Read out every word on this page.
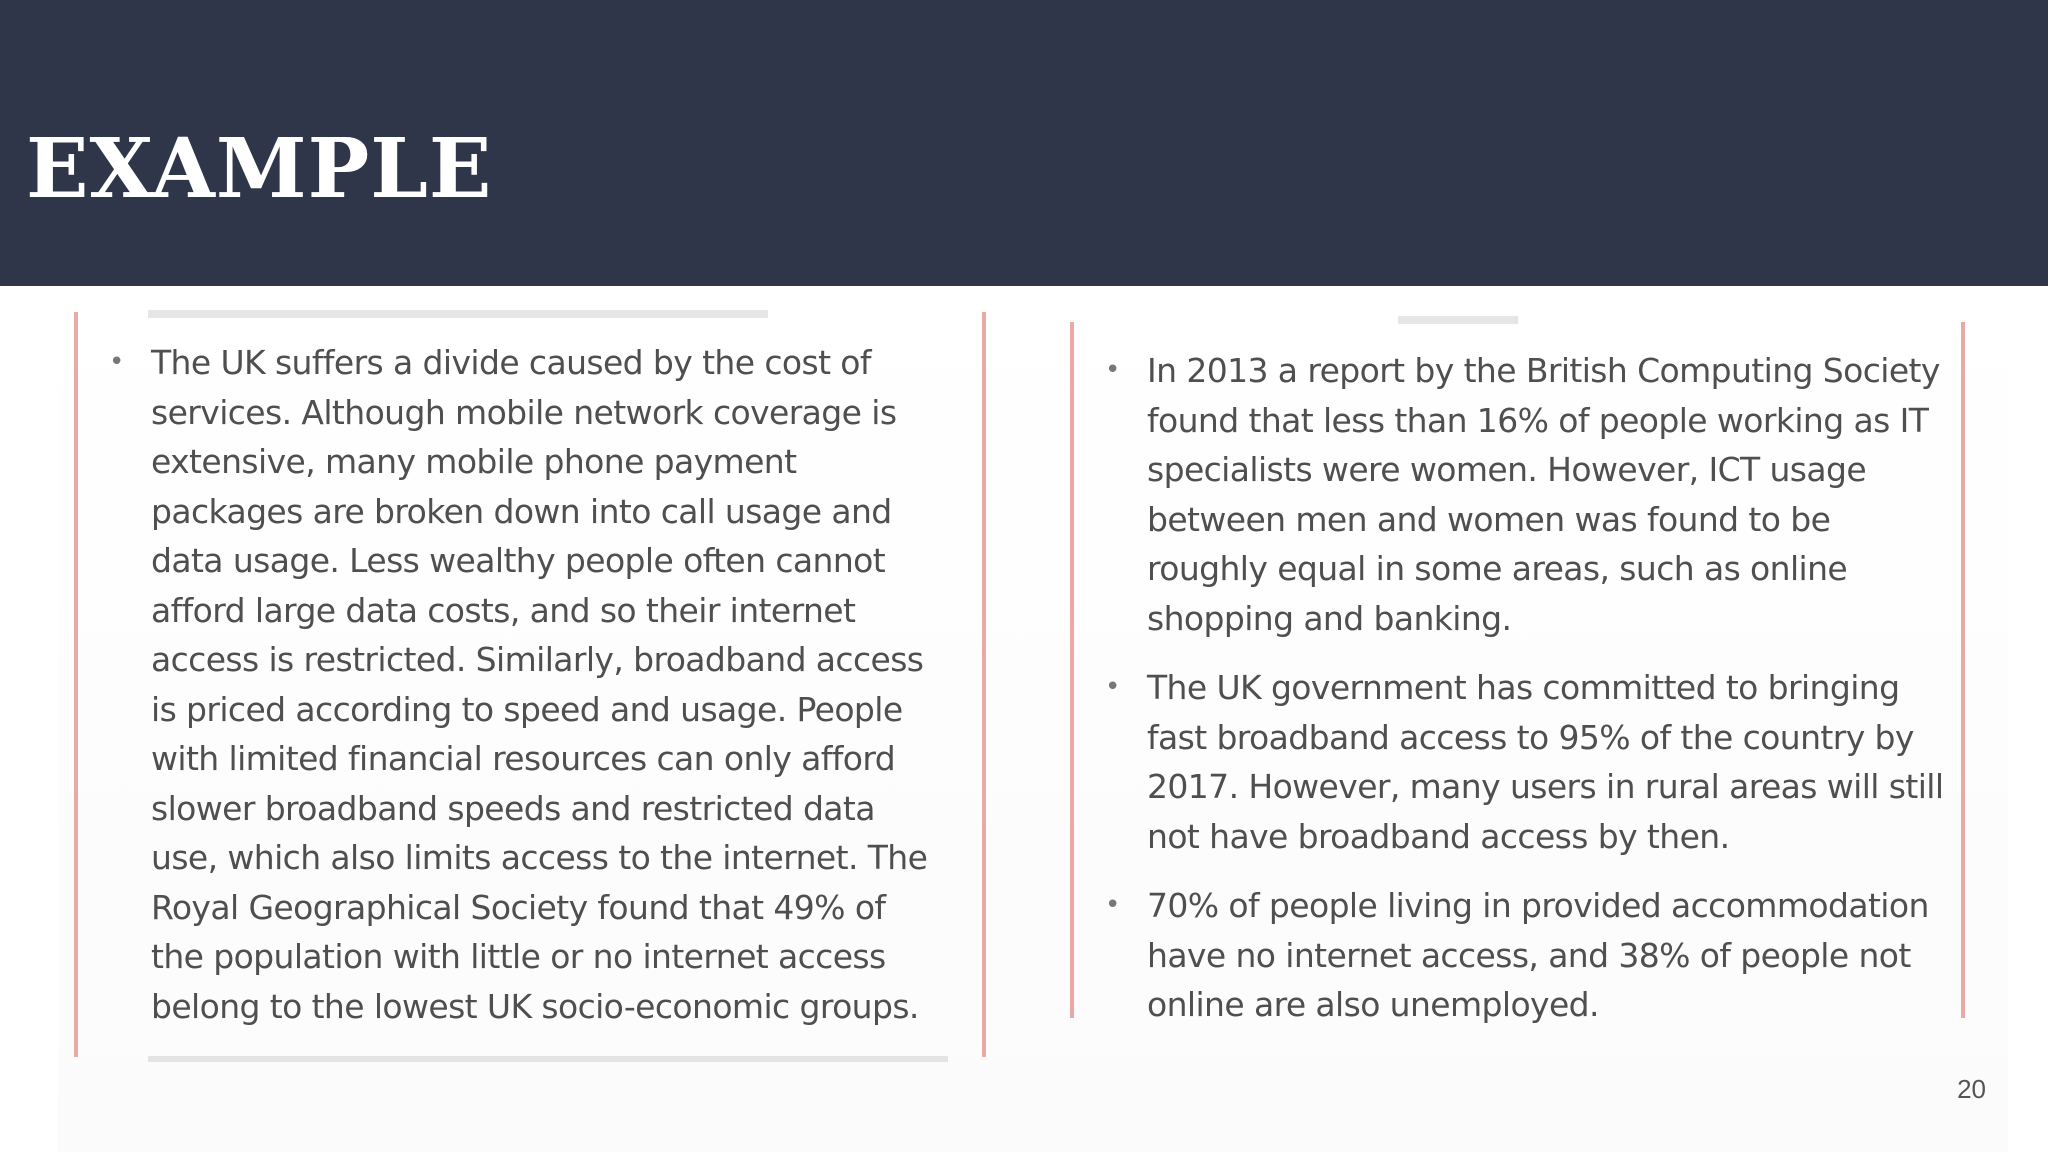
EXAMPLE
• The UK suffers a divide caused by the cost of services. Although mobile network coverage is extensive, many mobile phone payment packages are broken down into call usage and data usage. Less wealthy people often cannot afford large data costs, and so their internet access is restricted. Similarly, broadband access is priced according to speed and usage. People with limited financial resources can only afford slower broadband speeds and restricted data use, which also limits access to the internet. The Royal Geographical Society found that 49% of the population with little or no internet access belong to the lowest UK socio-economic groups.
• In 2013 a report by the British Computing Society found that less than 16% of people working as IT specialists were women. However, ICT usage between men and women was found to be roughly equal in some areas, such as online shopping and banking.
• The UK government has committed to bringing fast broadband access to 95% of the country by 2017. However, many users in rural areas will still not have broadband access by then.
• 70% of people living in provided accommodation have no internet access, and 38% of people not online are also unemployed.
20
